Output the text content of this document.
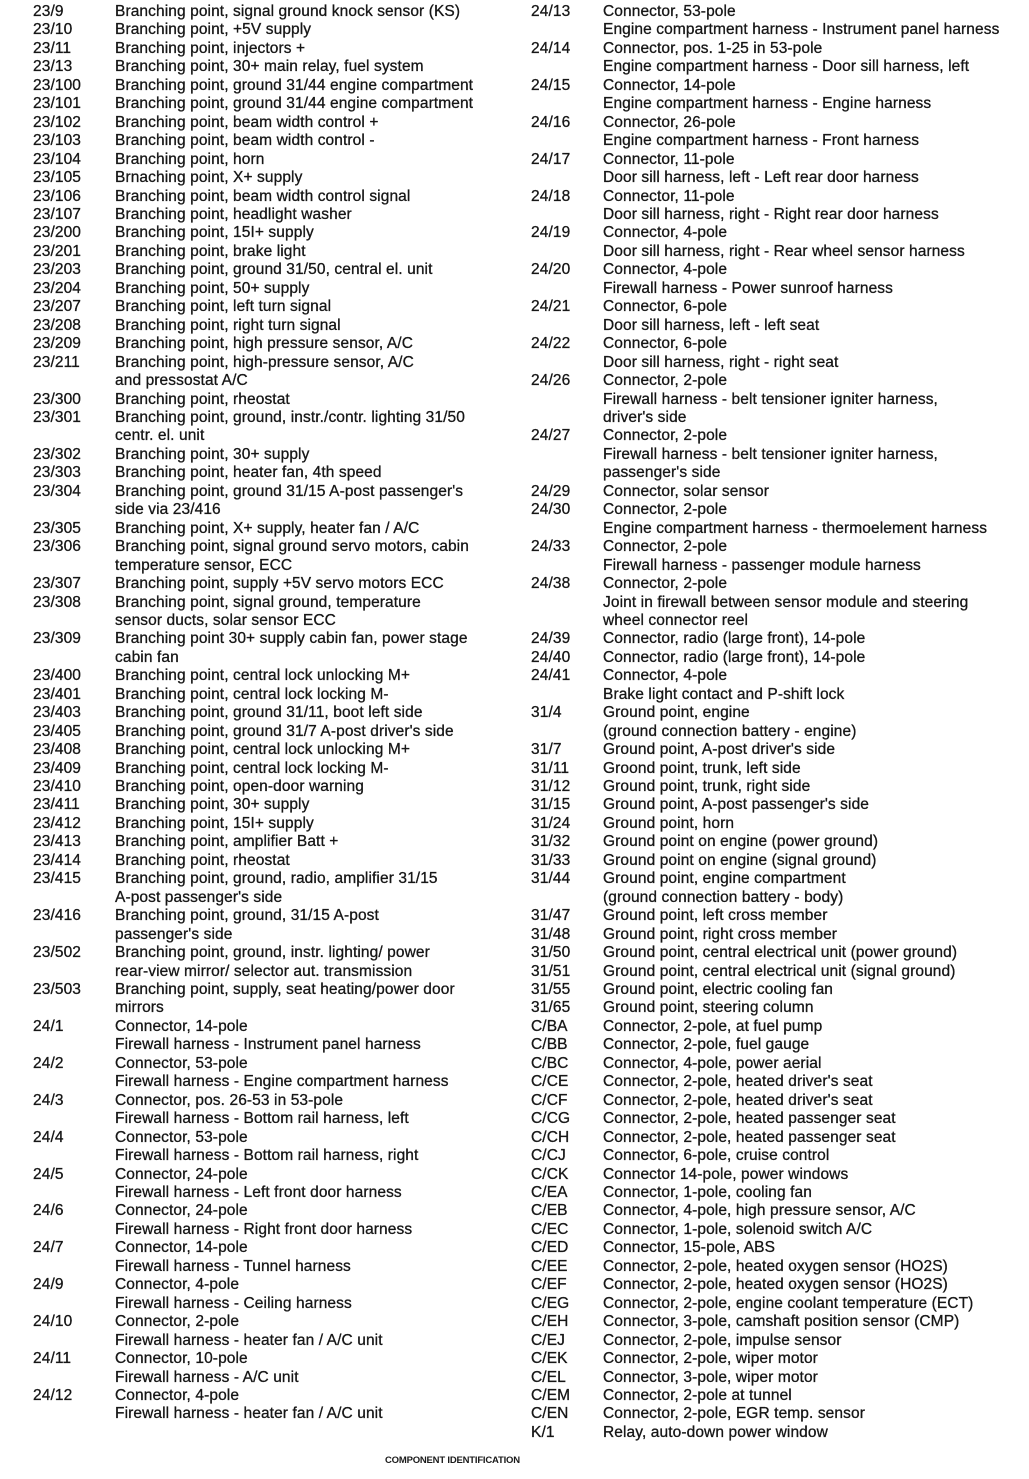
23/9	Branching point, signal ground knock sensor (KS)
23/10	Branching point, +5V supply
23/11	Branching point, injectors +
23/13	Branching point, 30+ main relay, fuel system
23/100	Branching point, ground 31/44 engine compartment
23/101	Branching point, ground 31/44 engine compartment
23/102	Branching point, beam width control +
23/103	Branching point, beam width control -
23/104	Branching point, horn
23/105	Brnaching point, X+ supply
23/106	Branching point, beam width control signal
23/107	Branching point, headlight washer
23/200	Branching point, 15I+ supply
23/201	Branching point, brake light
23/203	Branching point, ground 31/50, central el. unit
23/204	Branching point, 50+ supply
23/207	Branching point, left turn signal
23/208	Branching point, right turn signal
23/209	Branching point, high pressure sensor, A/C
23/211	Branching point, high-pressure sensor, A/C
and pressostat A/C
23/300	Branching point, rheostat
23/301	Branching point, ground, instr./contr. lighting 31/50
centr. el. unit
23/302	Branching point, 30+ supply
23/303	Branching point, heater fan, 4th speed
23/304	Branching point, ground 31/15 A-post passenger's
side via 23/416
23/305	Branching point, X+ supply, heater fan / A/C
23/306	Branching point, signal ground servo motors, cabin
temperature sensor, ECC
23/307	Branching point, supply +5V servo motors ECC
23/308	Branching point, signal ground, temperature
sensor ducts, solar sensor ECC
23/309	Branching point 30+ supply cabin fan, power stage
cabin fan
23/400	Branching point, central lock unlocking M+
23/401	Branching point, central lock locking M-
23/403	Branching point, ground 31/11, boot left side
23/405	Branching point, ground 31/7 A-post driver's side
23/408	Branching point, central lock unlocking M+
23/409	Branching point, central lock locking M-
23/410	Branching point, open-door warning
23/411	Branching point, 30+ supply
23/412	Branching point, 15I+ supply
23/413	Branching point, amplifier Batt +
23/414	Branching point, rheostat
23/415	Branching point, ground, radio, amplifier 31/15
A-post passenger's side
23/416	Branching point, ground, 31/15 A-post
passenger's side
23/502	Branching point, ground, instr. lighting/ power
rear-view mirror/ selector aut. transmission
23/503	Branching point, supply, seat heating/power door
mirrors
24/1	Connector, 14-pole
Firewall harness - Instrument panel harness
24/2	Connector, 53-pole
Firewall harness - Engine compartment harness
24/3	Connector, pos. 26-53 in 53-pole
Firewall harness - Bottom rail harness, left
24/4	Connector, 53-pole
Firewall harness - Bottom rail harness, right
24/5	Connector, 24-pole
Firewall harness - Left front door harness
24/6	Connector, 24-pole
Firewall harness - Right front door harness
24/7	Connector, 14-pole
Firewall harness - Tunnel harness
24/9	Connector, 4-pole
Firewall harness - Ceiling harness
24/10	Connector, 2-pole
Firewall harness - heater fan / A/C unit
24/11	Connector, 10-pole
Firewall harness - A/C unit
24/12	Connector, 4-pole
Firewall harness - heater fan / A/C unit
24/13	Connector, 53-pole
Engine compartment harness - Instrument panel harness
24/14	Connector, pos. 1-25 in 53-pole
Engine compartment harness - Door sill harness, left
24/15	Connector, 14-pole
Engine compartment harness - Engine harness
24/16	Connector, 26-pole
Engine compartment harness - Front harness
24/17	Connector, 11-pole
Door sill harness, left - Left rear door harness
24/18	Connector, 11-pole
Door sill harness, right - Right rear door harness
24/19	Connector, 4-pole
Door sill harness, right - Rear wheel sensor harness
24/20	Connector, 4-pole
Firewall harness - Power sunroof harness
24/21	Connector, 6-pole
Door sill harness, left - left seat
24/22	Connector, 6-pole
Door sill harness, right - right seat
24/26	Connector, 2-pole
Firewall harness - belt tensioner igniter harness,
driver's side
24/27	Connector, 2-pole
Firewall harness - belt tensioner igniter harness,
passenger's side
24/29	Connector, solar sensor
24/30	Connector, 2-pole
Engine compartment harness - thermoelement harness
24/33	Connector, 2-pole
Firewall harness - passenger module harness
24/38	Connector, 2-pole
Joint in firewall between sensor module and steering
wheel connector reel
24/39	Connector, radio (large front), 14-pole
24/40	Connector, radio (large front), 14-pole
24/41	Connector, 4-pole
Brake light contact and P-shift lock
31/4	Ground point, engine
(ground connection battery - engine)
31/7	Ground point, A-post driver's side
31/11	Groond point, trunk, left side
31/12	Ground point, trunk, right side
31/15	Ground point, A-post passenger's side
31/24	Ground point, horn
31/32	Ground point on engine (power ground)
31/33	Ground point on engine (signal ground)
31/44	Ground point, engine compartment
(ground connection battery - body)
31/47	Ground point, left cross member
31/48	Ground point, right cross member
31/50	Ground point, central electrical unit (power ground)
31/51	Ground point, central electrical unit (signal ground)
31/55	Ground point, electric cooling fan
31/65	Ground point, steering column
C/BA	Connector, 2-pole, at fuel pump
C/BB	Connector, 2-pole, fuel gauge
C/BC	Connector, 4-pole, power aerial
C/CE	Connector, 2-pole, heated driver's seat
C/CF	Connector, 2-pole, heated driver's seat
C/CG	Connector, 2-pole, heated passenger seat
C/CH	Connector, 2-pole, heated passenger seat
C/CJ	Connector, 6-pole, cruise control
C/CK	Connector 14-pole, power windows
C/EA	Connector, 1-pole, cooling fan
C/EB	Connector, 4-pole, high pressure sensor, A/C
C/EC	Connector, 1-pole, solenoid switch A/C
C/ED	Connector, 15-pole, ABS
C/EE	Connector, 2-pole, heated oxygen sensor (HO2S)
C/EF	Connector, 2-pole, heated oxygen sensor (HO2S)
C/EG	Connector, 2-pole, engine coolant temperature (ECT)
C/EH	Connector, 3-pole, camshaft position sensor (CMP)
C/EJ	Connector, 2-pole, impulse sensor
C/EK	Connector, 2-pole, wiper motor
C/EL	Connector, 3-pole, wiper motor
C/EM	Connector, 2-pole at tunnel
C/EN	Connector, 2-pole, EGR temp. sensor
K/1	Relay, auto-down power window
COMPONENT IDENTIFICATION
